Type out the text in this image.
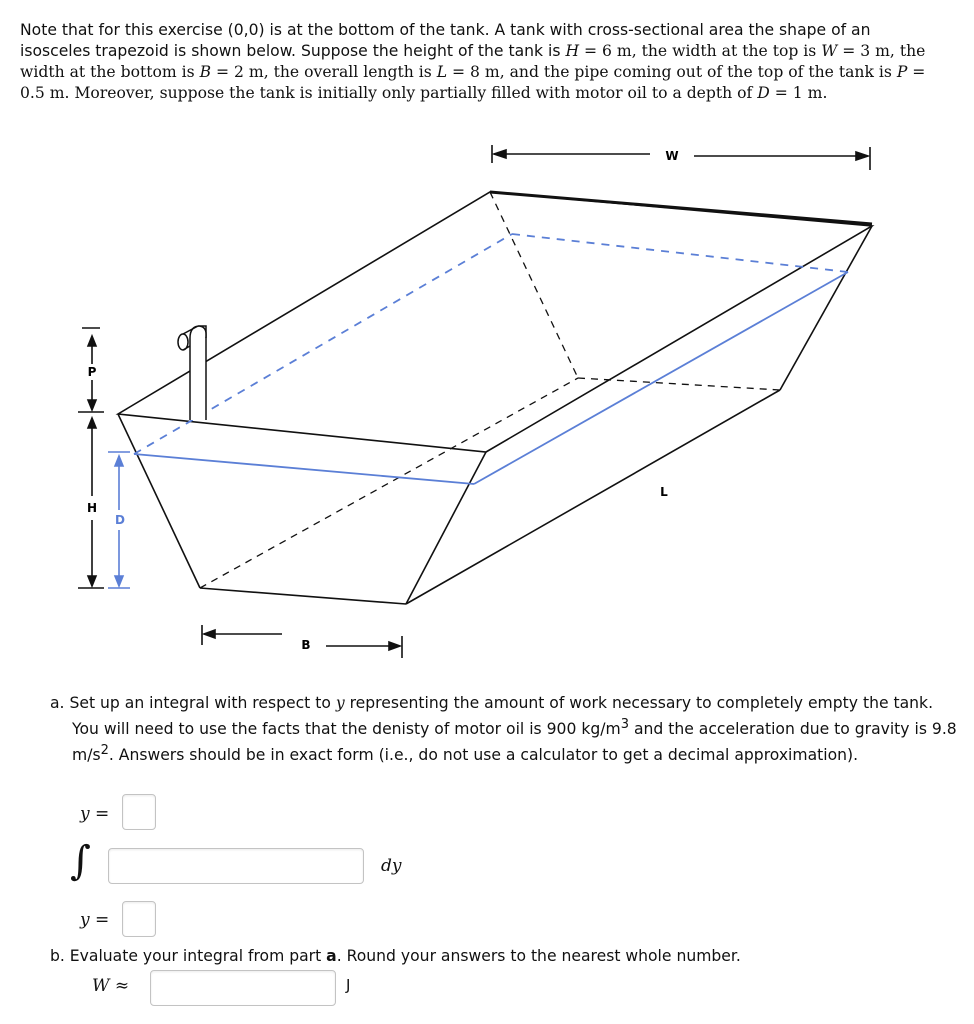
Note that for this exercise (0,0) is at the bottom of the tank. A tank with cross-sectional area the shape of an isosceles trapezoid is shown below. Suppose the height of the tank is H = 6 m, the width at the top is W = 3 m, the width at the bottom is B = 2 m, the overall length is L = 8 m, and the pipe coming out of the top of the tank is P = 0.5 m. Moreover, suppose the tank is initially only partially filled with motor oil to a depth of D = 1 m.

W
P
H
D
B
L

a. Set up an integral with respect to y representing the amount of work necessary to completely empty the tank. You will need to use the facts that the denisty of motor oil is 900 $kg/m^3$ and the acceleration due to gravity is 9.8 $m/s^2$. Answers should be in exact form (i.e., do not use a calculator to get a decimal approximation).

y =
∫	dy
y =

b. Evaluate your integral from part a. Round your answers to the nearest whole number.

W ≈	J
